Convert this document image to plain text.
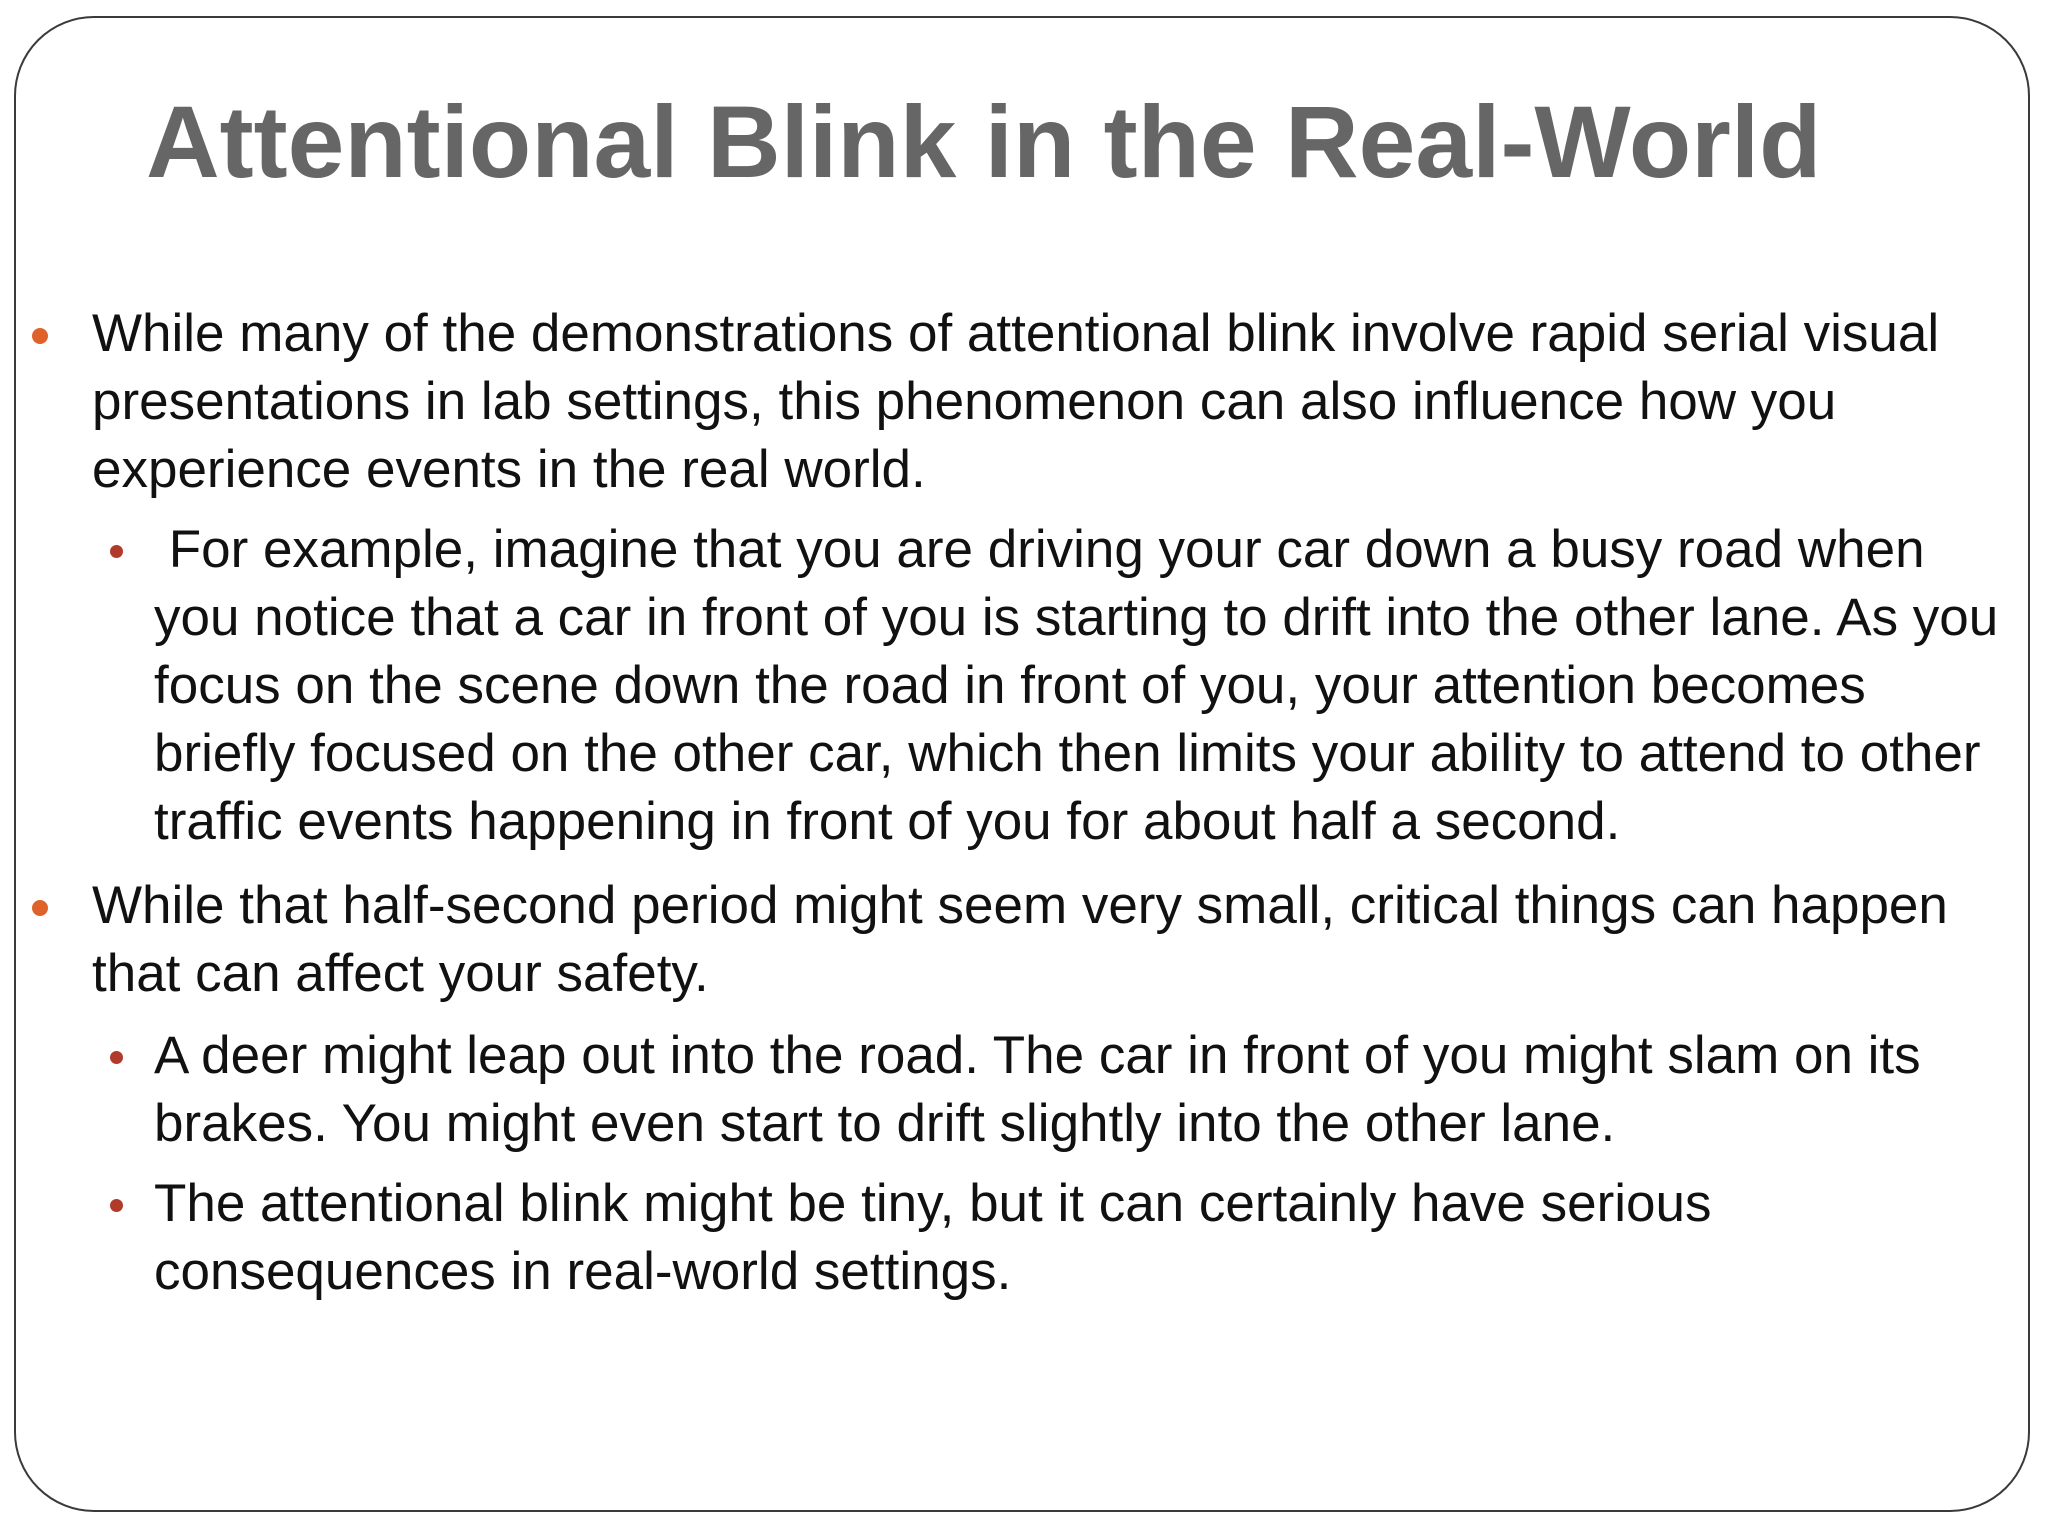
Attentional Blink in the Real-World
While many of the demonstrations of attentional blink involve rapid serial visual presentations in lab settings, this phenomenon can also influence how you experience events in the real world.
For example, imagine that you are driving your car down a busy road when you notice that a car in front of you is starting to drift into the other lane. As you focus on the scene down the road in front of you, your attention becomes briefly focused on the other car, which then limits your ability to attend to other traffic events happening in front of you for about half a second.
While that half-second period might seem very small, critical things can happen that can affect your safety.
A deer might leap out into the road. The car in front of you might slam on its brakes. You might even start to drift slightly into the other lane.
The attentional blink might be tiny, but it can certainly have serious consequences in real-world settings.
